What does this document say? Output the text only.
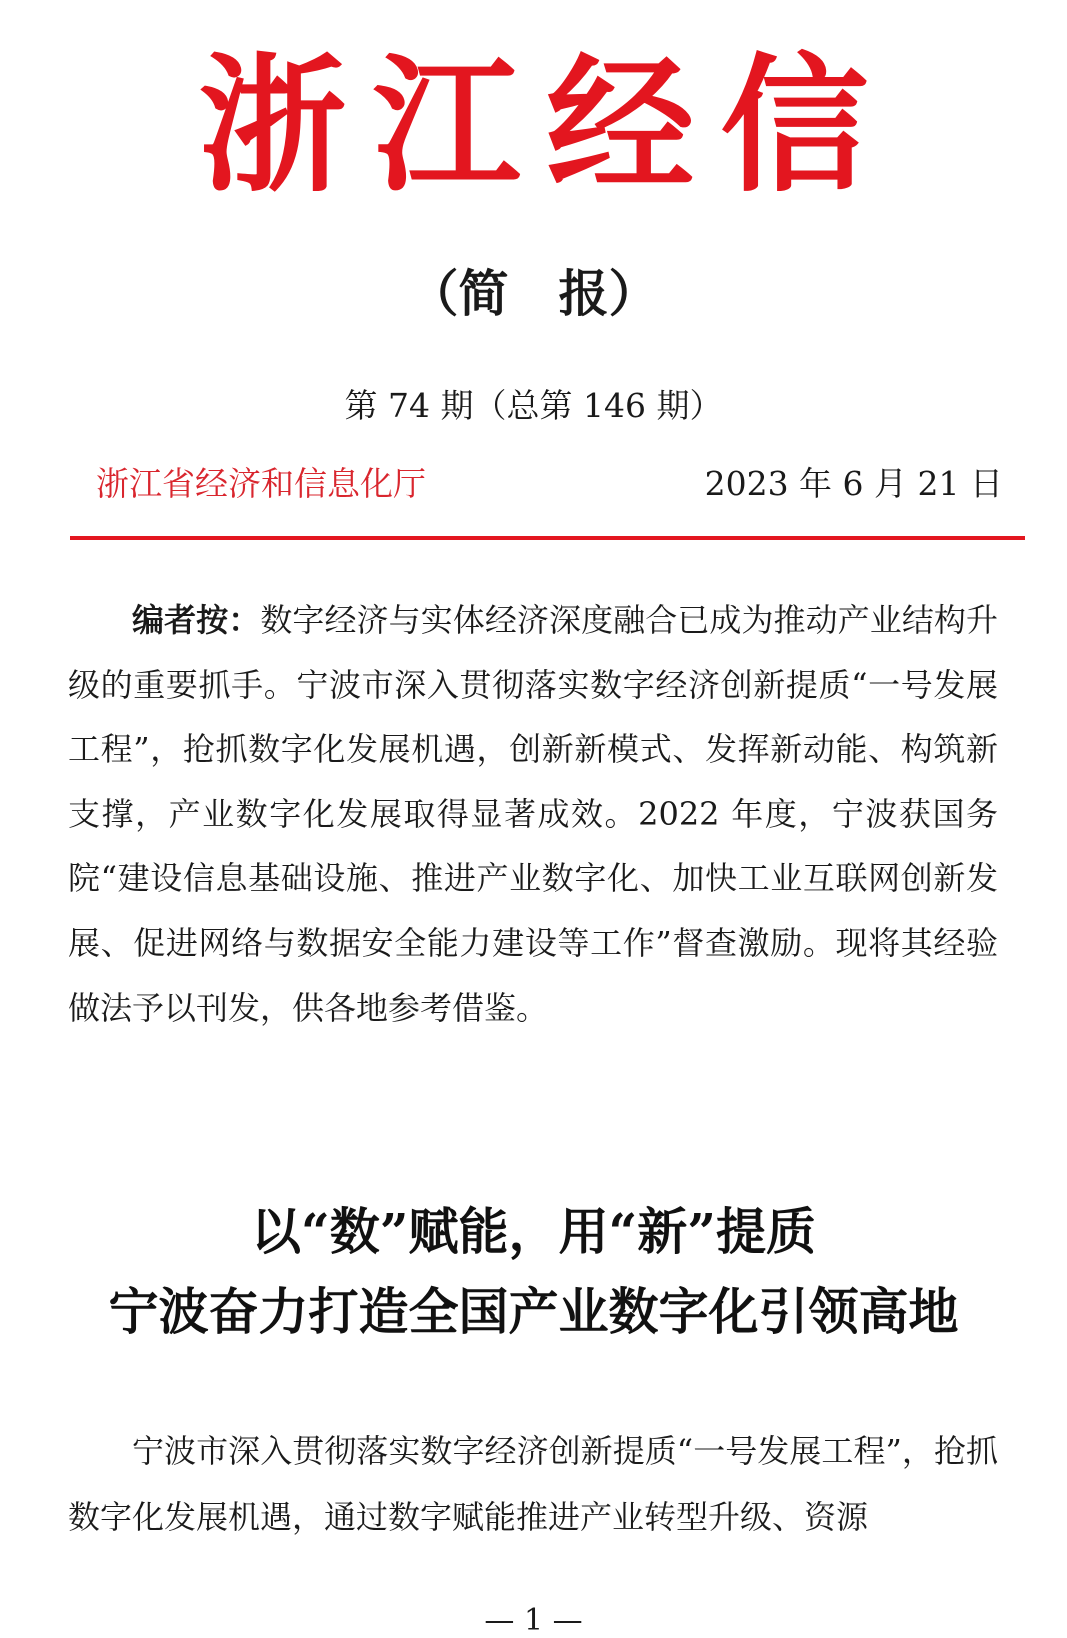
浙江经信
（简　报）
第 74 期（总第 146 期）
浙江省经济和信息化厅	2023 年 6 月 21 日

编者按：数字经济与实体经济深度融合已成为推动产业结构升级的重要抓手。宁波市深入贯彻落实数字经济创新提质“一号发展工程”，抢抓数字化发展机遇，创新新模式、发挥新动能、构筑新支撑，产业数字化发展取得显著成效。2022 年度，宁波获国务院“建设信息基础设施、推进产业数字化、加快工业互联网创新发展、促进网络与数据安全能力建设等工作”督查激励。现将其经验做法予以刊发，供各地参考借鉴。

以“数”赋能，用“新”提质
宁波奋力打造全国产业数字化引领高地

宁波市深入贯彻落实数字经济创新提质“一号发展工程”，抢抓数字化发展机遇，通过数字赋能推进产业转型升级、资源

— 1 —
